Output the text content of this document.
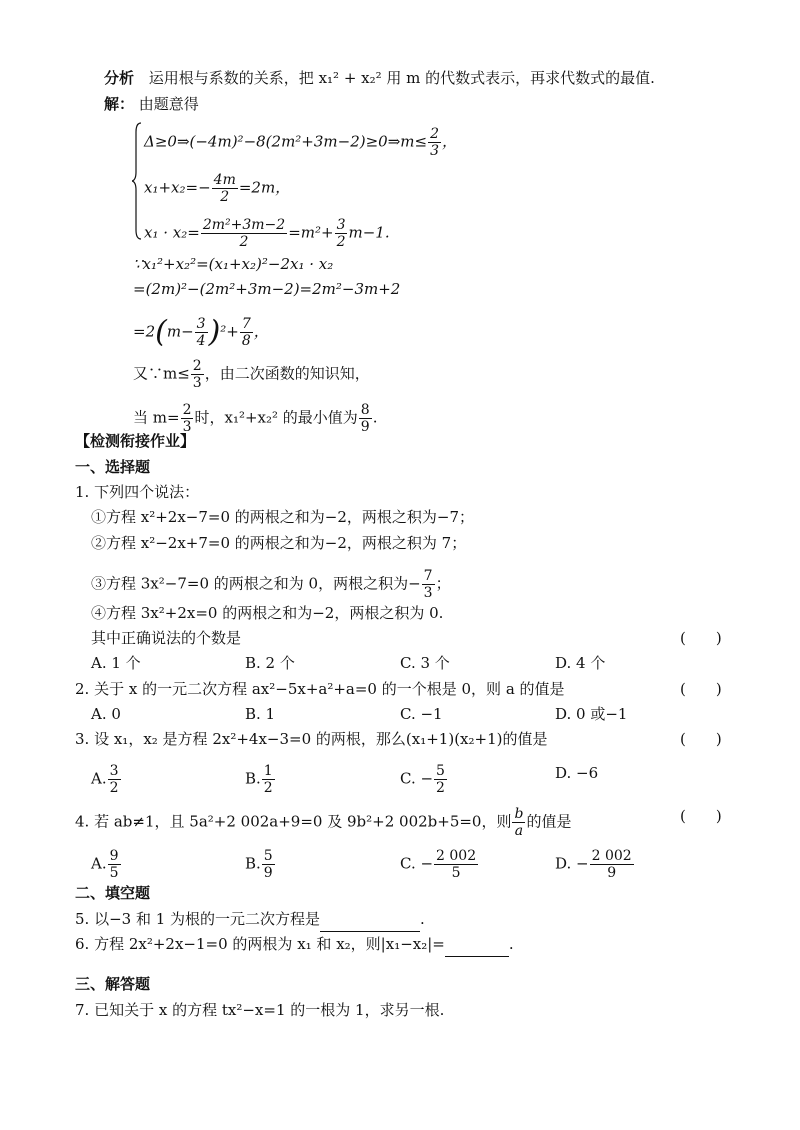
分析 运用根与系数的关系，把 x₁² + x₂² 用 m 的代数式表示，再求代数式的最值.
解： 由题意得
Δ≥0⇒(−4m)²−8(2m²+3m−2)≥0⇒m≤ $\frac{2}{3}$ ，
$x_1+x_2=- \frac{4m}{2} =2m$，
$x_1 \cdot x_2= \frac{\text{2m²+3m−2}}{2} =m^2+ \frac{3}{2} m-1$.
∵x₁²+x₂²=(x₁+x₂)²−2x₁ · x₂
=(2m)²−(2m²+3m−2)=2m²−3m+2
$=2(m- \frac{3}{4} )^2+ \frac{7}{8}$ ，
又∵m≤ $\frac{2}{3}$ ，由二次函数的知识知，
当 $m= \frac{2}{3}$ 时，x₁²+x₂² 的最小值为 $\frac{8}{9}$ .
【检测衔接作业】
一、选择题
1. 下列四个说法：
①方程 x²+2x−7=0 的两根之和为−2，两根之积为−7；
②方程 x²−2x+7=0 的两根之和为−2，两根之积为 7；
③方程 3x²−7=0 的两根之和为 0，两根之积为− $\frac{7}{3}$ ；
④方程 3x²+2x=0 的两根之和为−2，两根之积为 0.
其中正确说法的个数是	(　　)
A. 1 个	B. 2 个	C. 3 个	D. 4 个
2. 关于 x 的一元二次方程 ax²−5x+a²+a=0 的一个根是 0，则 a 的值是	(　　)
A. 0	B. 1	C. −1	D. 0 或−1
3. 设 x₁，x₂ 是方程 2x²+4x−3=0 的两根，那么(x₁+1)(x₂+1)的值是	(　　)
A. $\frac{3}{2}$	B. $\frac{1}{2}$	C. − $\frac{5}{2}$	D. −6
4. 若 ab≠1，且 5a²+2 002a+9=0 及 9b²+2 002b+5=0，则 $\frac{b}{a}$ 的值是	(　　)
A. $\frac{9}{5}$	B. $\frac{5}{9}$	C. − $\frac{2 002}{5}$	D. − $\frac{2 002}{9}$
二、填空题
5. 以−3 和 1 为根的一元二次方程是	.
6. 方程 2x²+2x−1=0 的两根为 x₁ 和 x₂，则|x₁−x₂|=	.
三、解答题
7. 已知关于 x 的方程 tx²−x=1 的一根为 1，求另一根.
